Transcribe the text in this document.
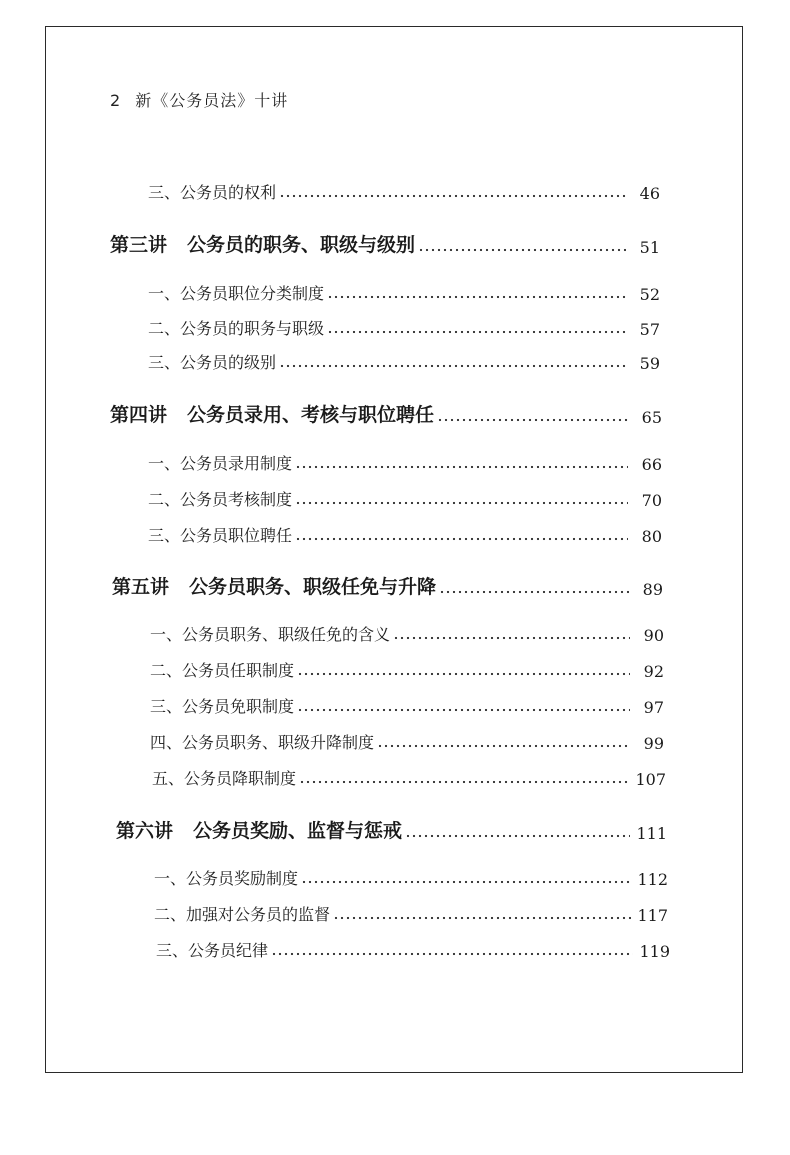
2 新《公务员法》十讲
三、公务员的权利	46
第三讲 公务员的职务、职级与级别	51
一、公务员职位分类制度	52
二、公务员的职务与职级	57
三、公务员的级别	59
第四讲 公务员录用、考核与职位聘任	65
一、公务员录用制度	66
二、公务员考核制度	70
三、公务员职位聘任	80
第五讲 公务员职务、职级任免与升降	89
一、公务员职务、职级任免的含义	90
二、公务员任职制度	92
三、公务员免职制度	97
四、公务员职务、职级升降制度	99
五、公务员降职制度	107
第六讲 公务员奖励、监督与惩戒	111
一、公务员奖励制度	112
二、加强对公务员的监督	117
三、公务员纪律	119
